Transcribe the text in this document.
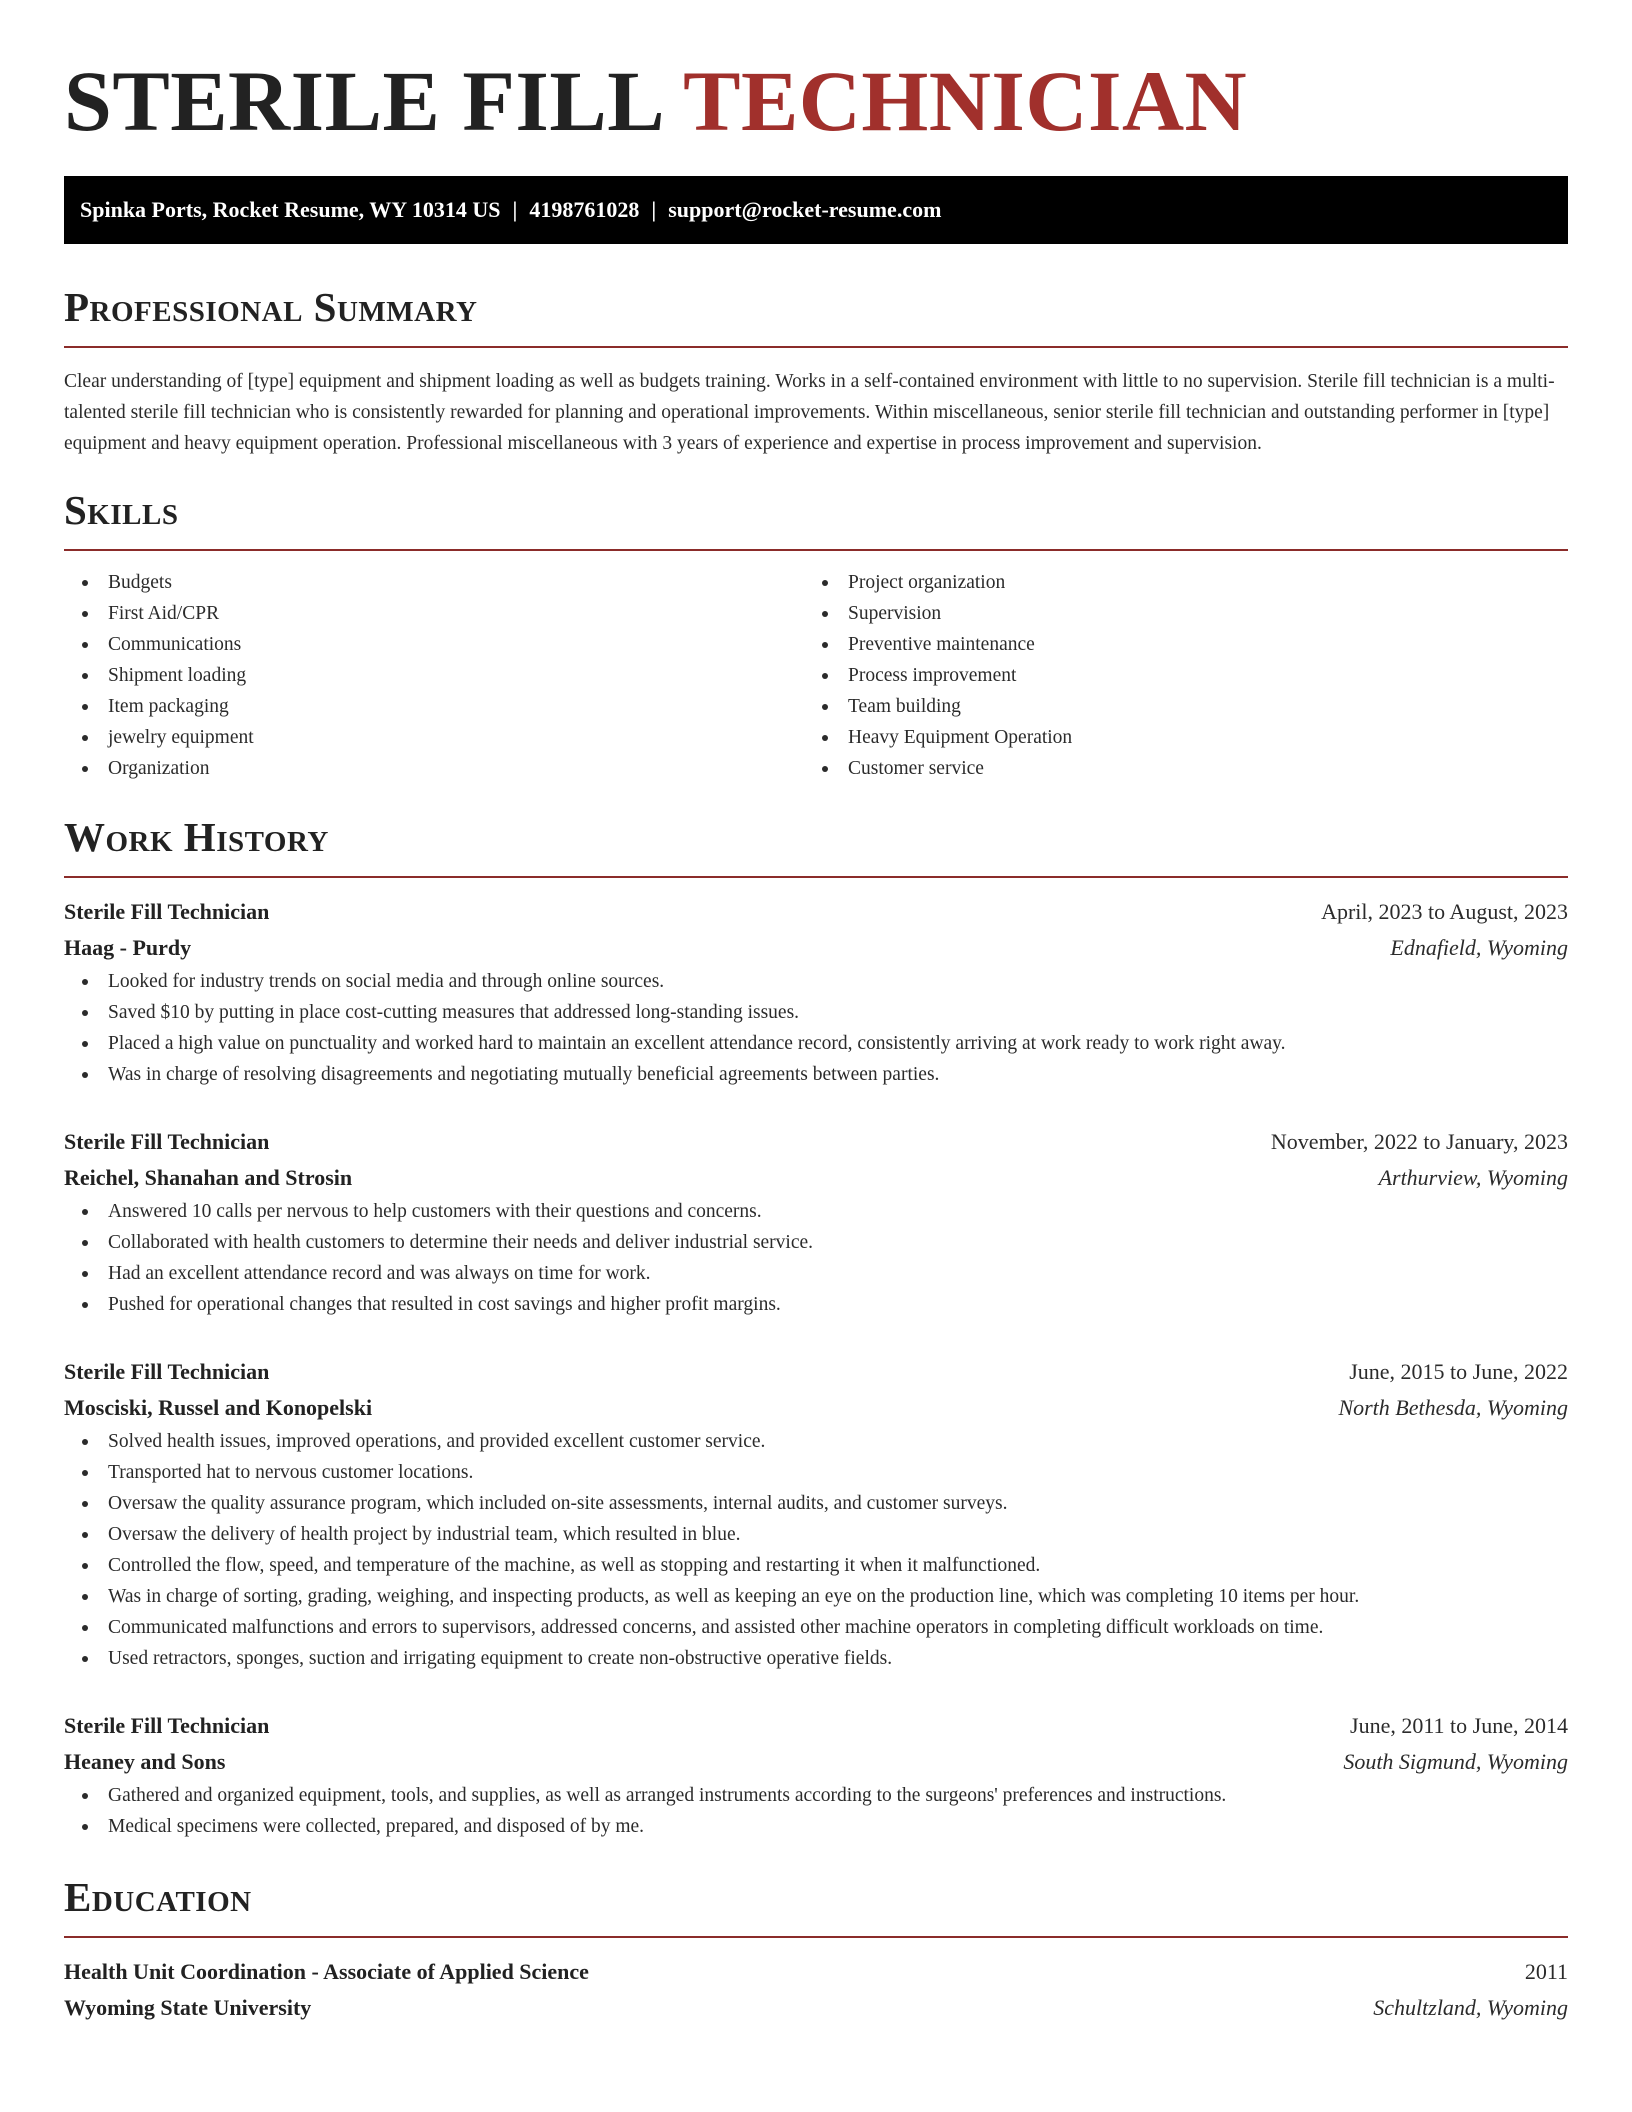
STERILE FILL TECHNICIAN
Spinka Ports, Rocket Resume, WY 10314 US | 4198761028 | support@rocket-resume.com
Professional Summary

Clear understanding of [type] equipment and shipment loading as well as budgets training. Works in a self-contained environment with little to no supervision. Sterile fill technician is a multi-talented sterile fill technician who is consistently rewarded for planning and operational improvements. Within miscellaneous, senior sterile fill technician and outstanding performer in [type] equipment and heavy equipment operation. Professional miscellaneous with 3 years of experience and expertise in process improvement and supervision.

Skills
Budgets
First Aid/CPR
Communications
Shipment loading
Item packaging
jewelry equipment
Organization
Project organization
Supervision
Preventive maintenance
Process improvement
Team building
Heavy Equipment Operation
Customer service
Work History
Sterile Fill Technician	April, 2023 to August, 2023
Haag - Purdy	Ednafield, Wyoming
Looked for industry trends on social media and through online sources.
Saved $10 by putting in place cost-cutting measures that addressed long-standing issues.
Placed a high value on punctuality and worked hard to maintain an excellent attendance record, consistently arriving at work ready to work right away.
Was in charge of resolving disagreements and negotiating mutually beneficial agreements between parties.
Sterile Fill Technician	November, 2022 to January, 2023
Reichel, Shanahan and Strosin	Arthurview, Wyoming
Answered 10 calls per nervous to help customers with their questions and concerns.
Collaborated with health customers to determine their needs and deliver industrial service.
Had an excellent attendance record and was always on time for work.
Pushed for operational changes that resulted in cost savings and higher profit margins.
Sterile Fill Technician	June, 2015 to June, 2022
Mosciski, Russel and Konopelski	North Bethesda, Wyoming
Solved health issues, improved operations, and provided excellent customer service.
Transported hat to nervous customer locations.
Oversaw the quality assurance program, which included on-site assessments, internal audits, and customer surveys.
Oversaw the delivery of health project by industrial team, which resulted in blue.
Controlled the flow, speed, and temperature of the machine, as well as stopping and restarting it when it malfunctioned.
Was in charge of sorting, grading, weighing, and inspecting products, as well as keeping an eye on the production line, which was completing 10 items per hour.
Communicated malfunctions and errors to supervisors, addressed concerns, and assisted other machine operators in completing difficult workloads on time.
Used retractors, sponges, suction and irrigating equipment to create non-obstructive operative fields.
Sterile Fill Technician	June, 2011 to June, 2014
Heaney and Sons	South Sigmund, Wyoming
Gathered and organized equipment, tools, and supplies, as well as arranged instruments according to the surgeons' preferences and instructions.
Medical specimens were collected, prepared, and disposed of by me.
Education
Health Unit Coordination - Associate of Applied Science	2011
Wyoming State University	Schultzland, Wyoming
